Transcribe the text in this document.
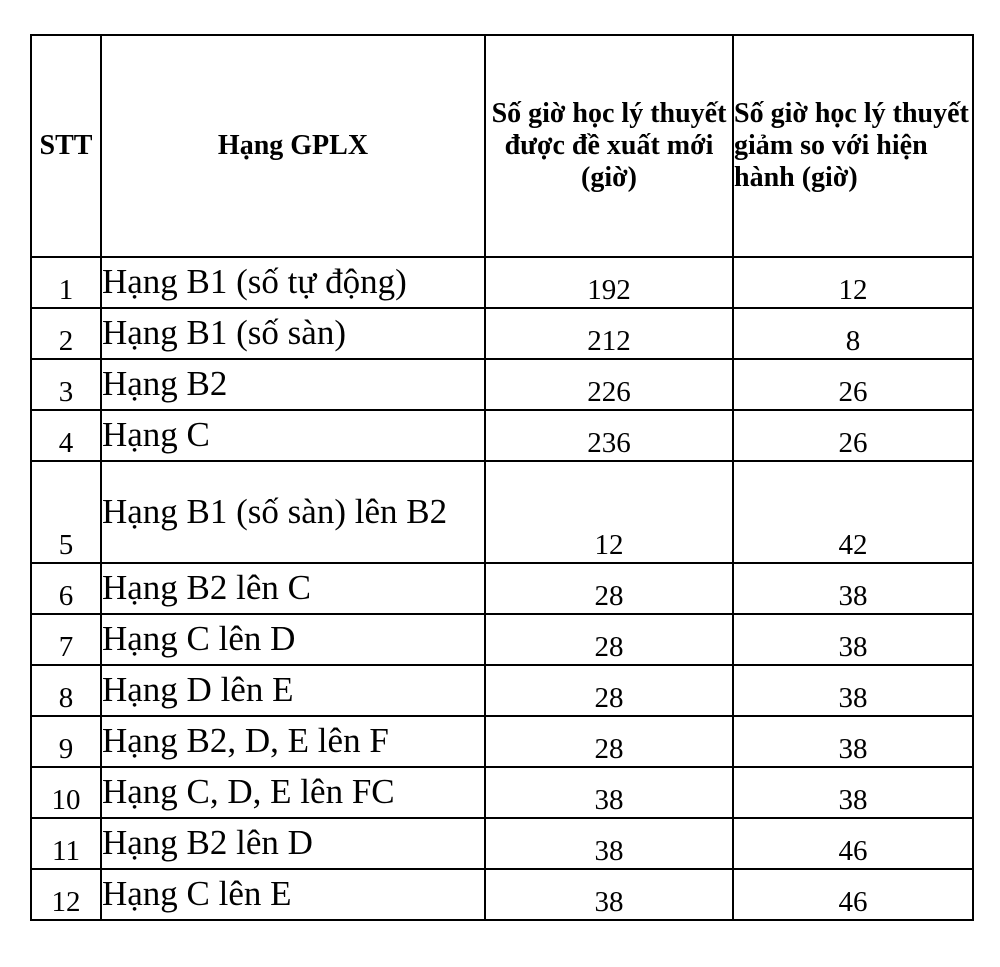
STT	Hạng GPLX	Số giờ học lý thuyết được đề xuất mới (giờ)	Số giờ học lý thuyết giảm so với hiện hành (giờ)
1	Hạng B1 (số tự động)	192	12
2	Hạng B1 (số sàn)	212	8
3	Hạng B2	226	26
4	Hạng C	236	26
5	Hạng B1 (số sàn) lên B2	12	42
6	Hạng B2 lên C	28	38
7	Hạng C lên D	28	38
8	Hạng D lên E	28	38
9	Hạng B2, D, E lên F	28	38
10	Hạng C, D, E lên FC	38	38
11	Hạng B2 lên D	38	46
12	Hạng C lên E	38	46
